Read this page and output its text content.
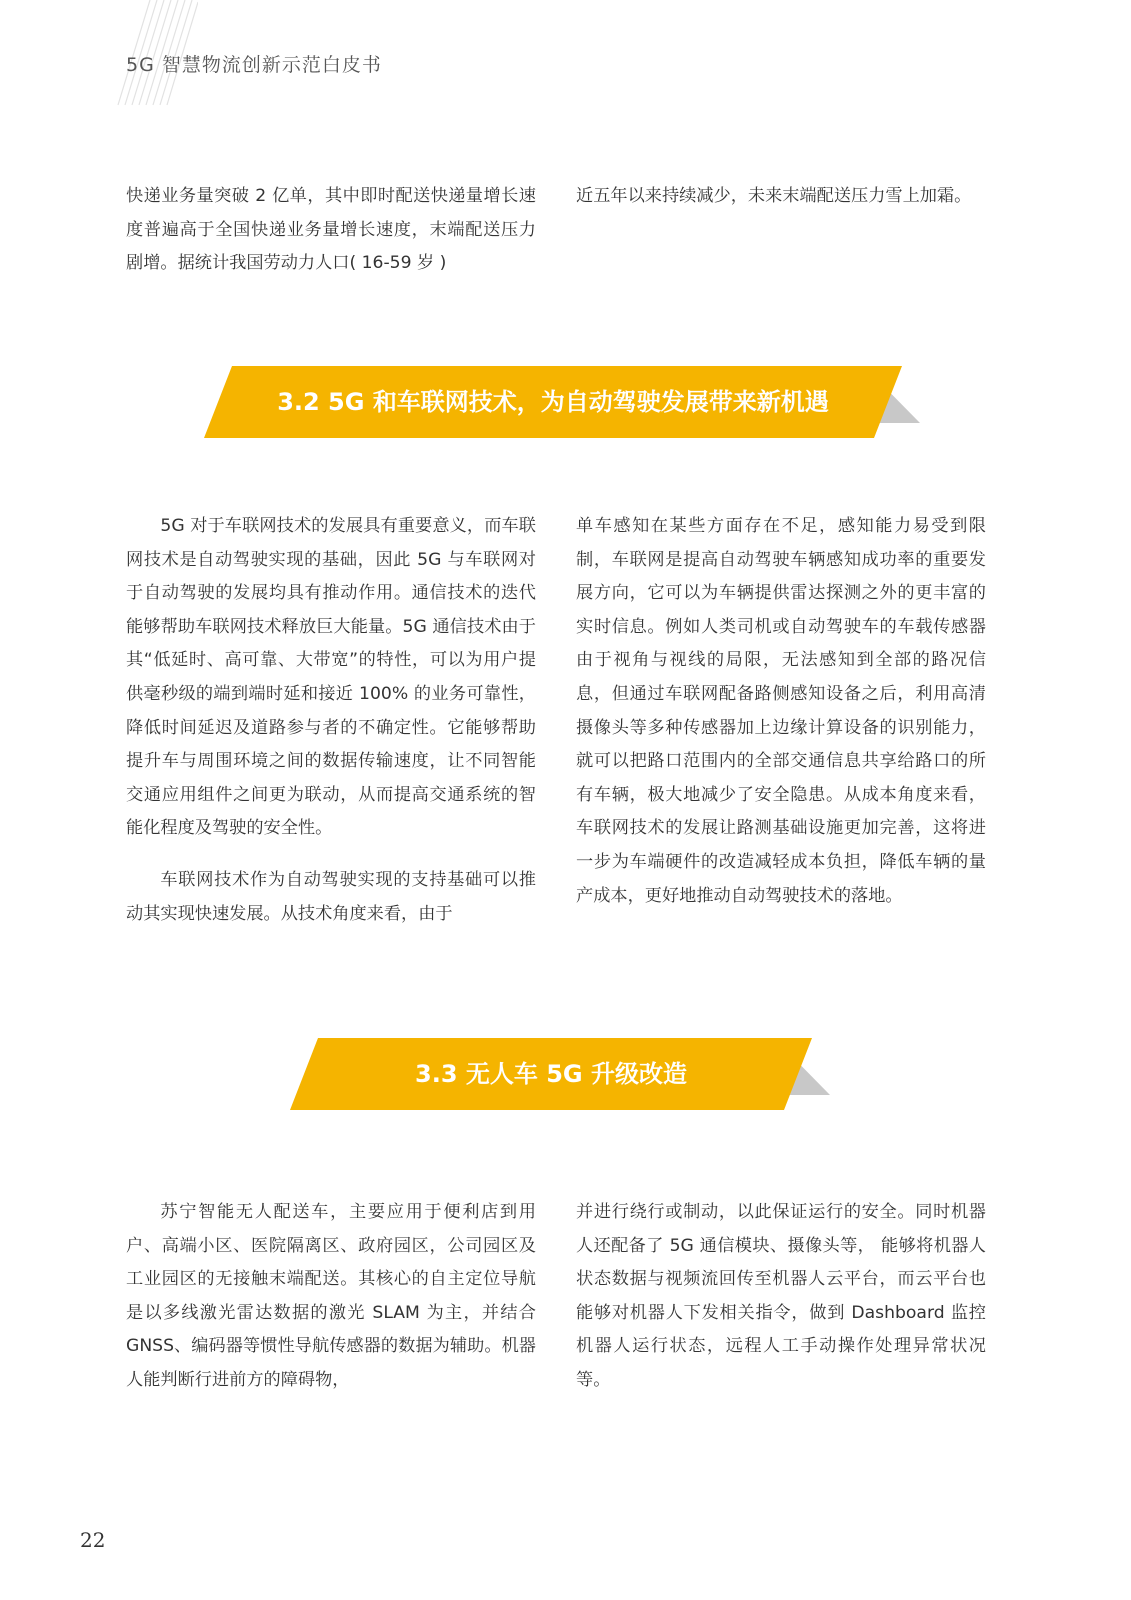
5G 智慧物流创新示范白皮书

快递业务量突破 2 亿单，其中即时配送快递量增长速度普遍高于全国快递业务量增长速度，末端配送压力剧增。据统计我国劳动力人口( 16-59 岁 )

近五年以来持续减少，未来末端配送压力雪上加霜。

3.2 5G 和车联网技术，为自动驾驶发展带来新机遇

5G 对于车联网技术的发展具有重要意义，而车联网技术是自动驾驶实现的基础，因此 5G 与车联网对于自动驾驶的发展均具有推动作用。通信技术的迭代能够帮助车联网技术释放巨大能量。5G 通信技术由于其“低延时、高可靠、大带宽”的特性，可以为用户提供毫秒级的端到端时延和接近 100% 的业务可靠性，降低时间延迟及道路参与者的不确定性。它能够帮助提升车与周围环境之间的数据传输速度，让不同智能交通应用组件之间更为联动，从而提高交通系统的智能化程度及驾驶的安全性。

车联网技术作为自动驾驶实现的支持基础可以推动其实现快速发展。从技术角度来看，由于

单车感知在某些方面存在不足，感知能力易受到限制，车联网是提高自动驾驶车辆感知成功率的重要发展方向，它可以为车辆提供雷达探测之外的更丰富的实时信息。例如人类司机或自动驾驶车的车载传感器由于视角与视线的局限，无法感知到全部的路况信息，但通过车联网配备路侧感知设备之后，利用高清摄像头等多种传感器加上边缘计算设备的识别能力，就可以把路口范围内的全部交通信息共享给路口的所有车辆，极大地减少了安全隐患。从成本角度来看，车联网技术的发展让路测基础设施更加完善，这将进一步为车端硬件的改造减轻成本负担，降低车辆的量产成本，更好地推动自动驾驶技术的落地。

3.3 无人车 5G 升级改造

苏宁智能无人配送车，主要应用于便利店到用户、高端小区、医院隔离区、政府园区，公司园区及工业园区的无接触末端配送。其核心的自主定位导航是以多线激光雷达数据的激光 SLAM 为主，并结合 GNSS、编码器等惯性导航传感器的数据为辅助。机器人能判断行进前方的障碍物，

并进行绕行或制动，以此保证运行的安全。同时机器人还配备了 5G 通信模块、摄像头等， 能够将机器人状态数据与视频流回传至机器人云平台，而云平台也能够对机器人下发相关指令，做到 Dashboard 监控机器人运行状态，远程人工手动操作处理异常状况等。

22
